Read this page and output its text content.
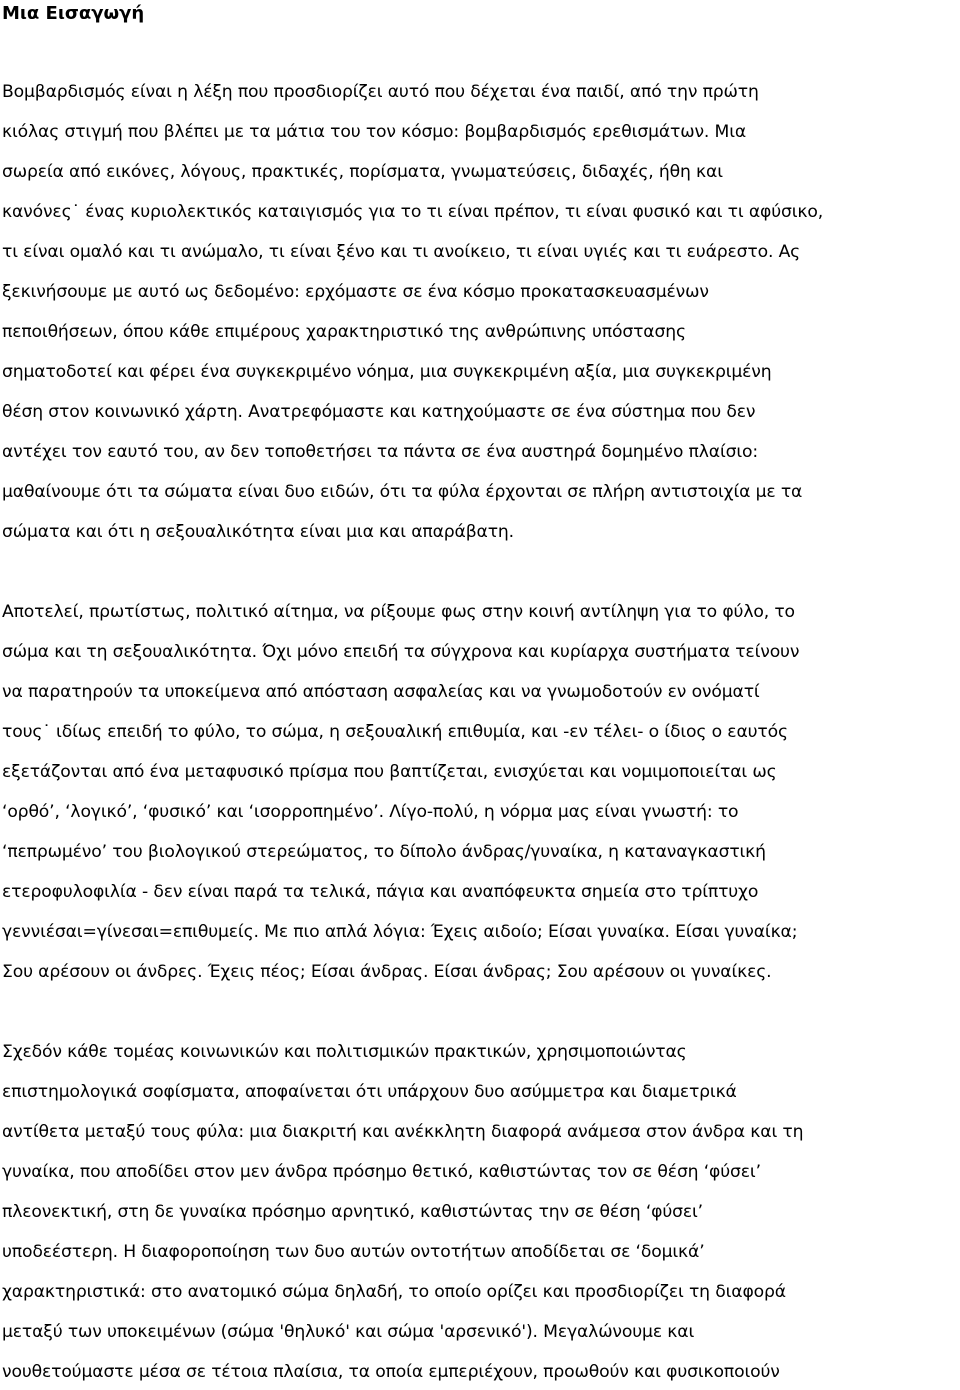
Μια Εισαγωγή

Βομβαρδισμός είναι η λέξη που προσδιορίζει αυτό που δέχεται ένα παιδί, από την πρώτη

κιόλας στιγμή που βλέπει με τα μάτια του τον κόσμο: βομβαρδισμός ερεθισμάτων. Μια

σωρεία από εικόνες, λόγους, πρακτικές, πορίσματα, γνωματεύσεις, διδαχές, ήθη και

κανόνες˙ ένας κυριολεκτικός καταιγισμός για το τι είναι πρέπον, τι είναι φυσικό και τι αφύσικο,

τι είναι ομαλό και τι ανώμαλο, τι είναι ξένο και τι ανοίκειο, τι είναι υγιές και τι ευάρεστο. Ας

ξεκινήσουμε με αυτό ως δεδομένο: ερχόμαστε σε ένα κόσμο προκατασκευασμένων

πεποιθήσεων, όπου κάθε επιμέρους χαρακτηριστικό της ανθρώπινης υπόστασης

σηματοδοτεί και φέρει ένα συγκεκριμένο νόημα, μια συγκεκριμένη αξία, μια συγκεκριμένη

θέση στον κοινωνικό χάρτη. Ανατρεφόμαστε και κατηχούμαστε σε ένα σύστημα που δεν

αντέχει τον εαυτό του, αν δεν τοποθετήσει τα πάντα σε ένα αυστηρά δομημένο πλαίσιο:

μαθαίνουμε ότι τα σώματα είναι δυο ειδών, ότι τα φύλα έρχονται σε πλήρη αντιστοιχία με τα

σώματα και ότι η σεξουαλικότητα είναι μια και απαράβατη.

Αποτελεί, πρωτίστως, πολιτικό αίτημα, να ρίξουμε φως στην κοινή αντίληψη για το φύλο, το

σώμα και τη σεξουαλικότητα. Όχι μόνο επειδή τα σύγχρονα και κυρίαρχα συστήματα τείνουν

να παρατηρούν τα υποκείμενα από απόσταση ασφαλείας και να γνωμοδοτούν εν ονόματί

τους˙ ιδίως επειδή το φύλο, το σώμα, η σεξουαλική επιθυμία, και -εν τέλει- ο ίδιος ο εαυτός

εξετάζονται από ένα μεταφυσικό πρίσμα που βαπτίζεται, ενισχύεται και νομιμοποιείται ως

‘ορθό’, ‘λογικό’, ‘φυσικό’ και ‘ισορροπημένο’. Λίγο-πολύ, η νόρμα μας είναι γνωστή: το

‘πεπρωμένο’ του βιολογικού στερεώματος, το δίπολο άνδρας/γυναίκα, η καταναγκαστική

ετεροφυλοφιλία - δεν είναι παρά τα τελικά, πάγια και αναπόφευκτα σημεία στο τρίπτυχο

γεννιέσαι=γίνεσαι=επιθυμείς. Με πιο απλά λόγια: Έχεις αιδοίο; Είσαι γυναίκα. Είσαι γυναίκα;

Σου αρέσουν οι άνδρες. Έχεις πέος; Είσαι άνδρας. Είσαι άνδρας; Σου αρέσουν οι γυναίκες.

Σχεδόν κάθε τομέας κοινωνικών και πολιτισμικών πρακτικών, χρησιμοποιώντας

επιστημολογικά σοφίσματα, αποφαίνεται ότι υπάρχουν δυο ασύμμετρα και διαμετρικά

αντίθετα μεταξύ τους φύλα: μια διακριτή και ανέκκλητη διαφορά ανάμεσα στον άνδρα και τη

γυναίκα, που αποδίδει στον μεν άνδρα πρόσημο θετικό, καθιστώντας τον σε θέση ‘φύσει’

πλεονεκτική, στη δε γυναίκα πρόσημο αρνητικό, καθιστώντας την σε θέση ‘φύσει’

υποδεέστερη. Η διαφοροποίηση των δυο αυτών οντοτήτων αποδίδεται σε ‘δομικά’

χαρακτηριστικά: στο ανατομικό σώμα δηλαδή, το οποίο ορίζει και προσδιορίζει τη διαφορά

μεταξύ των υποκειμένων (σώμα 'θηλυκό' και σώμα 'αρσενικό'). Μεγαλώνουμε και

νουθετούμαστε μέσα σε τέτοια πλαίσια, τα οποία εμπεριέχουν, προωθούν και φυσικοποιούν
